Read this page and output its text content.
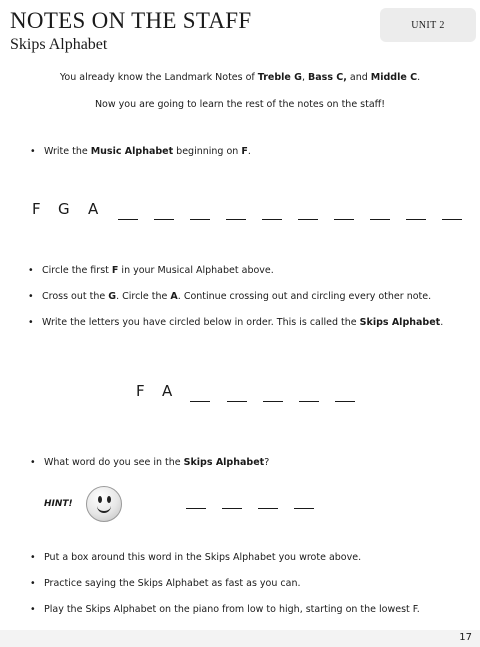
NOTES ON THE STAFF
Skips Alphabet
UNIT 2
You already know the Landmark Notes of Treble G, Bass C, and Middle C.
Now you are going to learn the rest of the notes on the staff!
• Write the Music Alphabet beginning on F.
F G A
• Circle the first F in your Musical Alphabet above.
• Cross out the G. Circle the A. Continue crossing out and circling every other note.
• Write the letters you have circled below in order. This is called the Skips Alphabet.
F A
• What word do you see in the Skips Alphabet?
HINT!
• Put a box around this word in the Skips Alphabet you wrote above.
• Practice saying the Skips Alphabet as fast as you can.
• Play the Skips Alphabet on the piano from low to high, starting on the lowest F.
17
